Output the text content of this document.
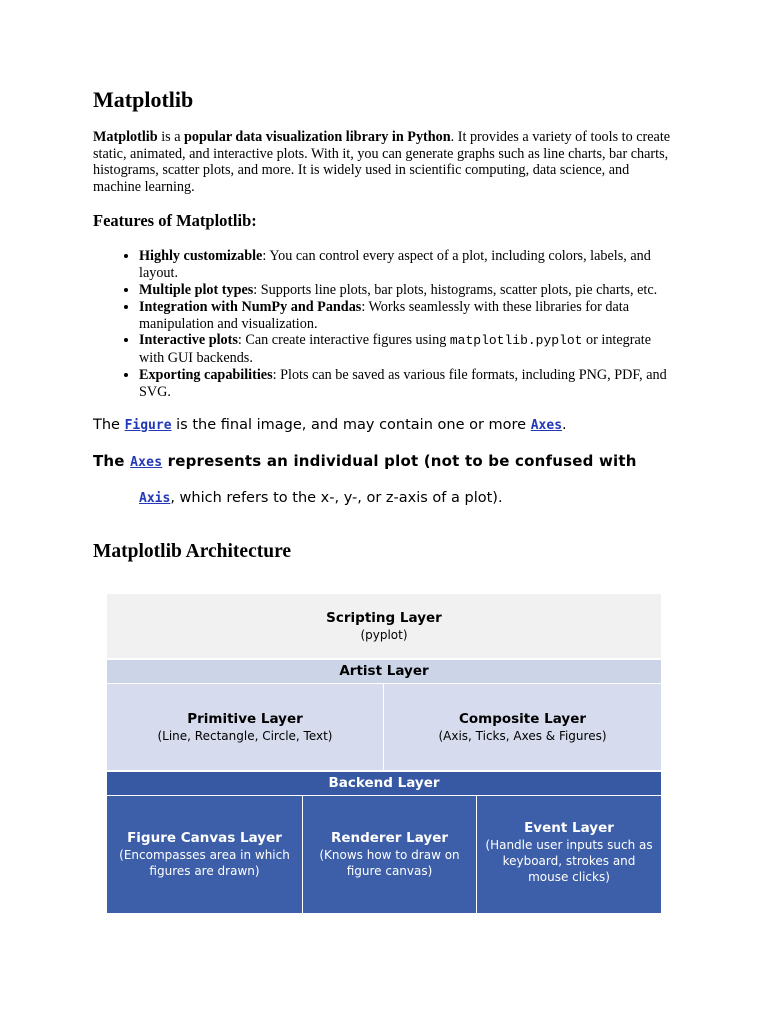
Matplotlib

Matplotlib is a popular data visualization library in Python. It provides a variety of tools to create static, animated, and interactive plots. With it, you can generate graphs such as line charts, bar charts, histograms, scatter plots, and more. It is widely used in scientific computing, data science, and machine learning.

Features of Matplotlib:
• Highly customizable: You can control every aspect of a plot, including colors, labels, and layout.
• Multiple plot types: Supports line plots, bar plots, histograms, scatter plots, pie charts, etc.
• Integration with NumPy and Pandas: Works seamlessly with these libraries for data manipulation and visualization.
• Interactive plots: Can create interactive figures using matplotlib.pyplot or integrate with GUI backends.
• Exporting capabilities: Plots can be saved as various file formats, including PNG, PDF, and SVG.

The Figure is the final image, and may contain one or more Axes.

The Axes represents an individual plot (not to be confused with

Axis, which refers to the x-, y-, or z-axis of a plot).

Matplotlib Architecture
Scripting Layer
(pyplot)
Artist Layer
Primitive Layer
(Line, Rectangle, Circle, Text)
Composite Layer
(Axis, Ticks, Axes & Figures)
Backend Layer
Figure Canvas Layer
(Encompasses area in which figures are drawn)
Renderer Layer
(Knows how to draw on figure canvas)
Event Layer
(Handle user inputs such as keyboard, strokes and mouse clicks)
